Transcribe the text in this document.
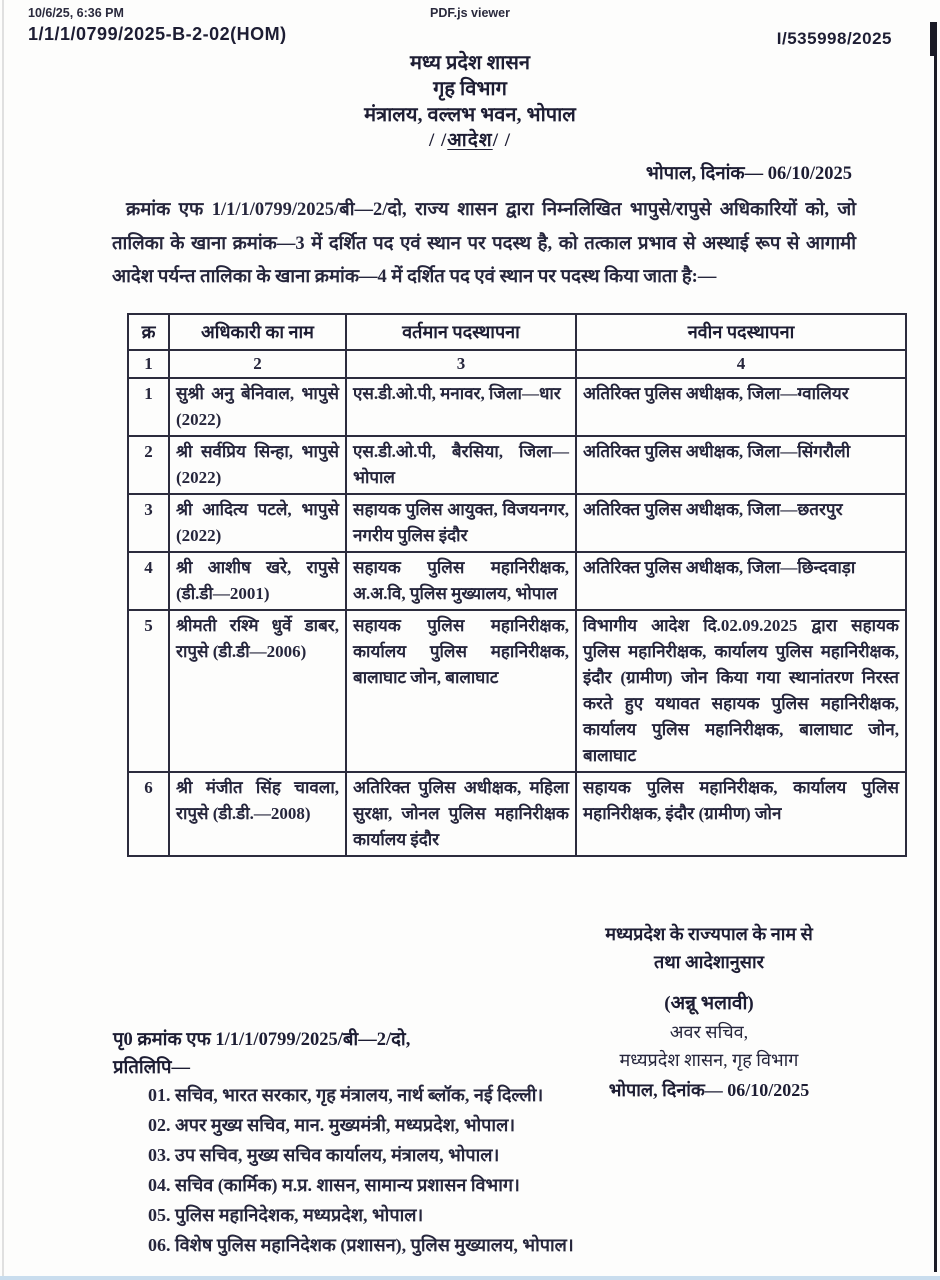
10/6/25, 6:36 PM	PDF.js viewer
1/1/1/0799/2025-B-2-02(HOM)	I/535998/2025
मध्य प्रदेश शासन
गृह विभाग
मंत्रालय, वल्लभ भवन, भोपाल
/ /आदेश/ /
भोपाल, दिनांक— 06/10/2025
क्रमांक एफ 1/1/1/0799/2025/बी—2/दो, राज्य शासन द्वारा निम्नलिखित भापुसे/रापुसे अधिकारियों को, जो तालिका के खाना क्रमांक—3 में दर्शित पद एवं स्थान पर पदस्थ है, को तत्काल प्रभाव से अस्थाई रूप से आगामी आदेश पर्यन्त तालिका के खाना क्रमांक—4 में दर्शित पद एवं स्थान पर पदस्थ किया जाता है:—
क्र	अधिकारी का नाम	वर्तमान पदस्थापना	नवीन पदस्थापना
1	2	3	4
1	सुश्री अनु बेनिवाल, भापुसे (2022)	एस.डी.ओ.पी, मनावर, जिला—धार	अतिरिक्त पुलिस अधीक्षक, जिला—ग्वालियर
2	श्री सर्वप्रिय सिन्हा, भापुसे (2022)	एस.डी.ओ.पी, बैरसिया, जिला—भोपाल	अतिरिक्त पुलिस अधीक्षक, जिला—सिंगरौली
3	श्री आदित्य पटले, भापुसे (2022)	सहायक पुलिस आयुक्त, विजयनगर, नगरीय पुलिस इंदौर	अतिरिक्त पुलिस अधीक्षक, जिला—छतरपुर
4	श्री आशीष खरे, रापुसे (डी.डी—2001)	सहायक पुलिस महानिरीक्षक, अ.अ.वि, पुलिस मुख्यालय, भोपाल	अतिरिक्त पुलिस अधीक्षक, जिला—छिन्दवाड़ा
5	श्रीमती रश्मि धुर्वे डाबर, रापुसे (डी.डी—2006)	सहायक पुलिस महानिरीक्षक, कार्यालय पुलिस महानिरीक्षक, बालाघाट जोन, बालाघाट	विभागीय आदेश दि.02.09.2025 द्वारा सहायक पुलिस महानिरीक्षक, कार्यालय पुलिस महानिरीक्षक, इंदौर (ग्रामीण) जोन किया गया स्थानांतरण निरस्त करते हुए यथावत सहायक पुलिस महानिरीक्षक, कार्यालय पुलिस महानिरीक्षक, बालाघाट जोन, बालाघाट
6	श्री मंजीत सिंह चावला, रापुसे (डी.डी.—2008)	अतिरिक्त पुलिस अधीक्षक, महिला सुरक्षा, जोनल पुलिस महानिरीक्षक कार्यालय इंदौर	सहायक पुलिस महानिरीक्षक, कार्यालय पुलिस महानिरीक्षक, इंदौर (ग्रामीण) जोन
मध्यप्रदेश के राज्यपाल के नाम से
तथा आदेशानुसार
(अन्नू भलावी)
अवर सचिव,
मध्यप्रदेश शासन, गृह विभाग
भोपाल, दिनांक— 06/10/2025
पृ0 क्रमांक एफ 1/1/1/0799/2025/बी—2/दो,
प्रतिलिपि—
01. सचिव, भारत सरकार, गृह मंत्रालय, नार्थ ब्लॉक, नई दिल्ली।
02. अपर मुख्य सचिव, मान. मुख्यमंत्री, मध्यप्रदेश, भोपाल।
03. उप सचिव, मुख्य सचिव कार्यालय, मंत्रालय, भोपाल।
04. सचिव (कार्मिक) म.प्र. शासन, सामान्य प्रशासन विभाग।
05. पुलिस महानिदेशक, मध्यप्रदेश, भोपाल।
06. विशेष पुलिस महानिदेशक (प्रशासन), पुलिस मुख्यालय, भोपाल।
